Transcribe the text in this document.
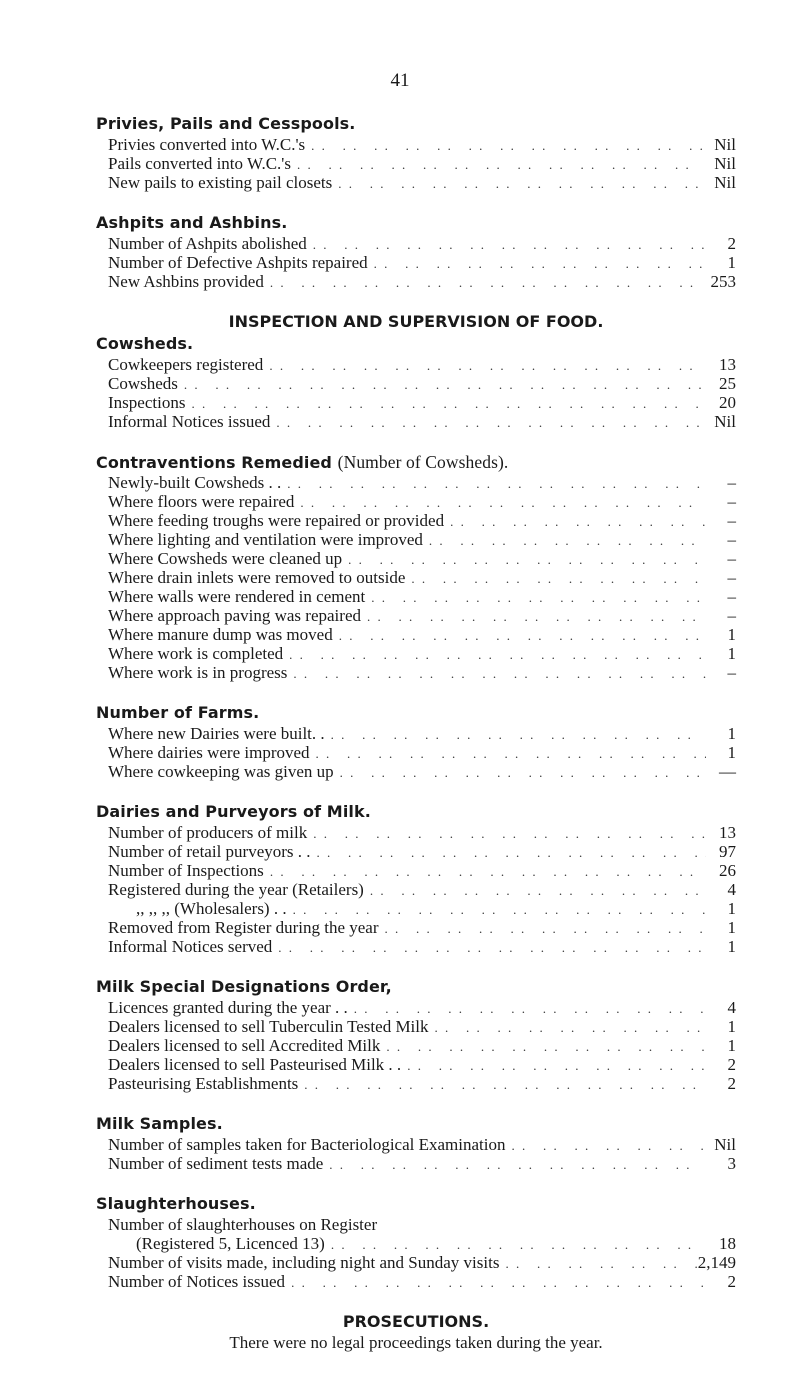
41
Privies, Pails and Cesspools.
Privies converted into W.C.'s . .	Nil
Pails converted into W.C.'s . .	Nil
New pails to existing pail closets . .	Nil
Ashpits and Ashbins.
Number of Ashpits abolished . .	2
Number of Defective Ashpits repaired . .	1
New Ashbins provided . .	253
INSPECTION AND SUPERVISION OF FOOD.
Cowsheds.
Cowkeepers registered . .	13
Cowsheds . .	25
Inspections . .	20
Informal Notices issued . .	Nil
Contraventions Remedied (Number of Cowsheds).
Newly-built Cowsheds . . . .	–
Where floors were repaired . .	–
Where feeding troughs were repaired or provided . .	–
Where lighting and ventilation were improved . .	–
Where Cowsheds were cleaned up . .	–
Where drain inlets were removed to outside . .	–
Where walls were rendered in cement . .	–
Where approach paving was repaired . .	–
Where manure dump was moved . .	1
Where work is completed . .	1
Where work is in progress . .	–
Number of Farms.
Where new Dairies were built. . . .	1
Where dairies were improved . .	1
Where cowkeeping was given up . .	—
Dairies and Purveyors of Milk.
Number of producers of milk . .	13
Number of retail purveyors . . . .	97
Number of Inspections . .	26
Registered during the year (Retailers) . .	4
,, ,, ,, (Wholesalers) . . . .	1
Removed from Register during the year . .	1
Informal Notices served . .	1
Milk Special Designations Order,
Licences granted during the year . . . .	4
Dealers licensed to sell Tuberculin Tested Milk . .	1
Dealers licensed to sell Accredited Milk . .	1
Dealers licensed to sell Pasteurised Milk . . . .	2
Pasteurising Establishments . .	2
Milk Samples.
Number of samples taken for Bacteriological Examination . .	Nil
Number of sediment tests made . .	3
Slaughterhouses.
Number of slaughterhouses on Register
(Registered 5, Licenced 13) . .	18
Number of visits made, including night and Sunday visits . .	2,149
Number of Notices issued . .	2
PROSECUTIONS.
There were no legal proceedings taken during the year.
